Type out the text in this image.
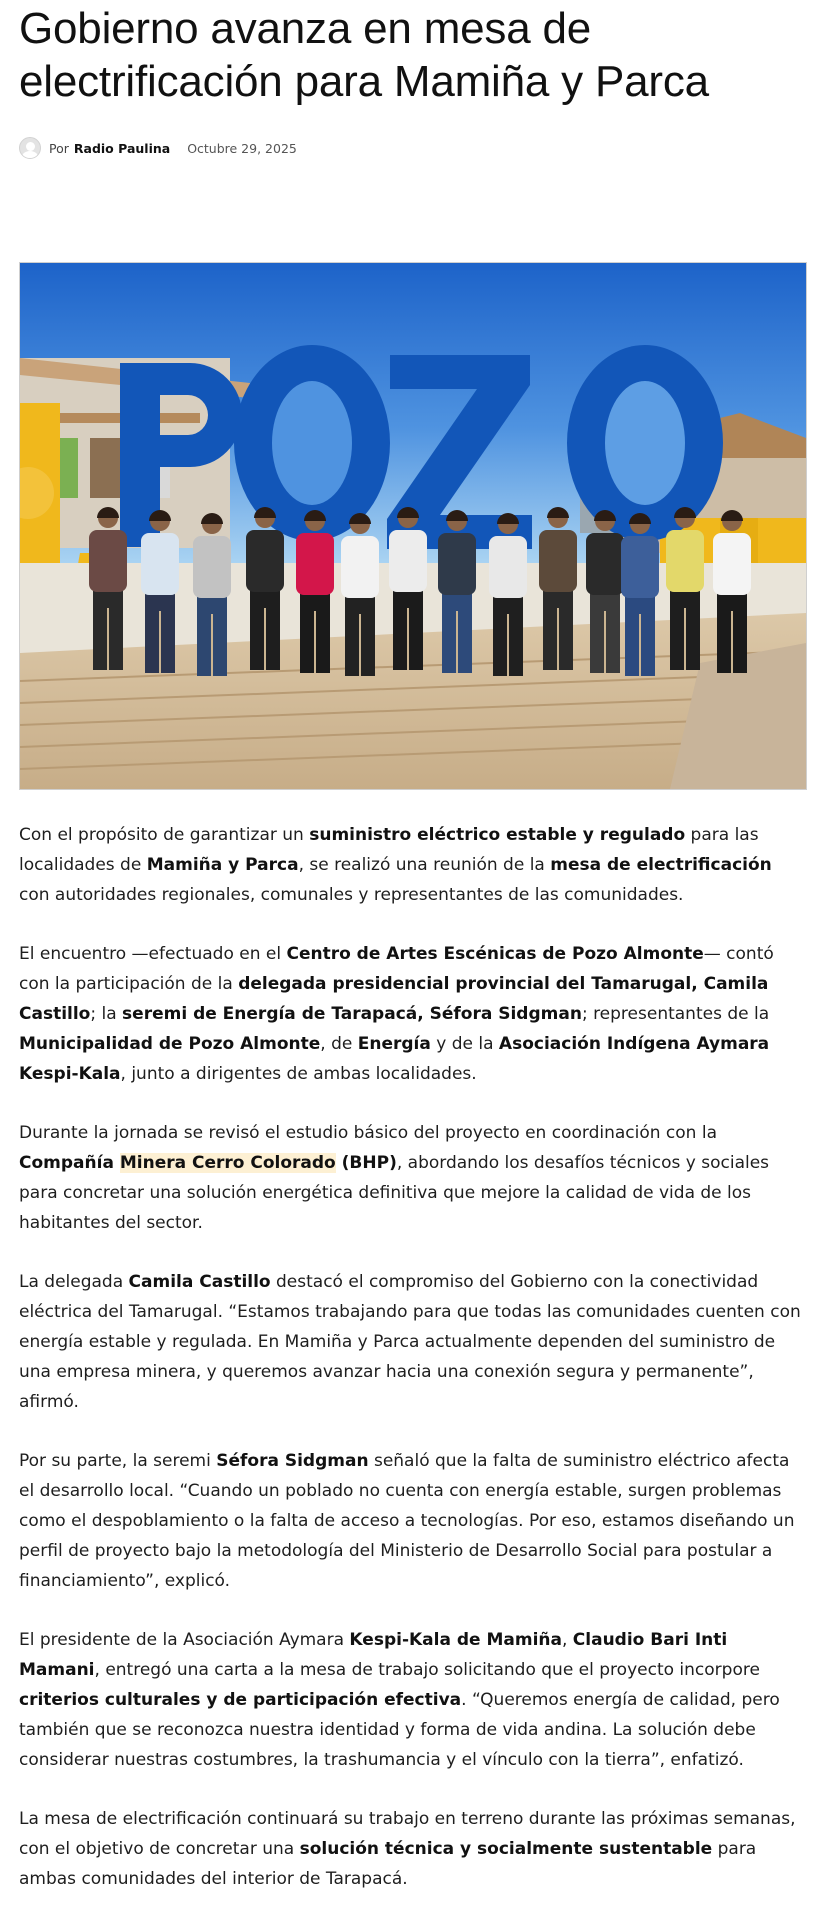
Gobierno avanza en mesa de electrificación para Mamiña y Parca
Por Radio Paulina Octubre 29, 2025

Con el propósito de garantizar un suministro eléctrico estable y regulado para las localidades de Mamiña y Parca, se realizó una reunión de la mesa de electrificación con autoridades regionales, comunales y representantes de las comunidades.

El encuentro —efectuado en el Centro de Artes Escénicas de Pozo Almonte— contó con la participación de la delegada presidencial provincial del Tamarugal, Camila Castillo; la seremi de Energía de Tarapacá, Séfora Sidgman; representantes de la Municipalidad de Pozo Almonte, de Energía y de la Asociación Indígena Aymara Kespi-Kala, junto a dirigentes de ambas localidades.

Durante la jornada se revisó el estudio básico del proyecto en coordinación con la Compañía Minera Cerro Colorado (BHP), abordando los desafíos técnicos y sociales para concretar una solución energética definitiva que mejore la calidad de vida de los habitantes del sector.

La delegada Camila Castillo destacó el compromiso del Gobierno con la conectividad eléctrica del Tamarugal. “Estamos trabajando para que todas las comunidades cuenten con energía estable y regulada. En Mamiña y Parca actualmente dependen del suministro de una empresa minera, y queremos avanzar hacia una conexión segura y permanente”, afirmó.

Por su parte, la seremi Séfora Sidgman señaló que la falta de suministro eléctrico afecta el desarrollo local. “Cuando un poblado no cuenta con energía estable, surgen problemas como el despoblamiento o la falta de acceso a tecnologías. Por eso, estamos diseñando un perfil de proyecto bajo la metodología del Ministerio de Desarrollo Social para postular a financiamiento”, explicó.

El presidente de la Asociación Aymara Kespi-Kala de Mamiña, Claudio Bari Inti Mamani, entregó una carta a la mesa de trabajo solicitando que el proyecto incorpore criterios culturales y de participación efectiva. “Queremos energía de calidad, pero también que se reconozca nuestra identidad y forma de vida andina. La solución debe considerar nuestras costumbres, la trashumancia y el vínculo con la tierra”, enfatizó.

La mesa de electrificación continuará su trabajo en terreno durante las próximas semanas, con el objetivo de concretar una solución técnica y socialmente sustentable para ambas comunidades del interior de Tarapacá.
